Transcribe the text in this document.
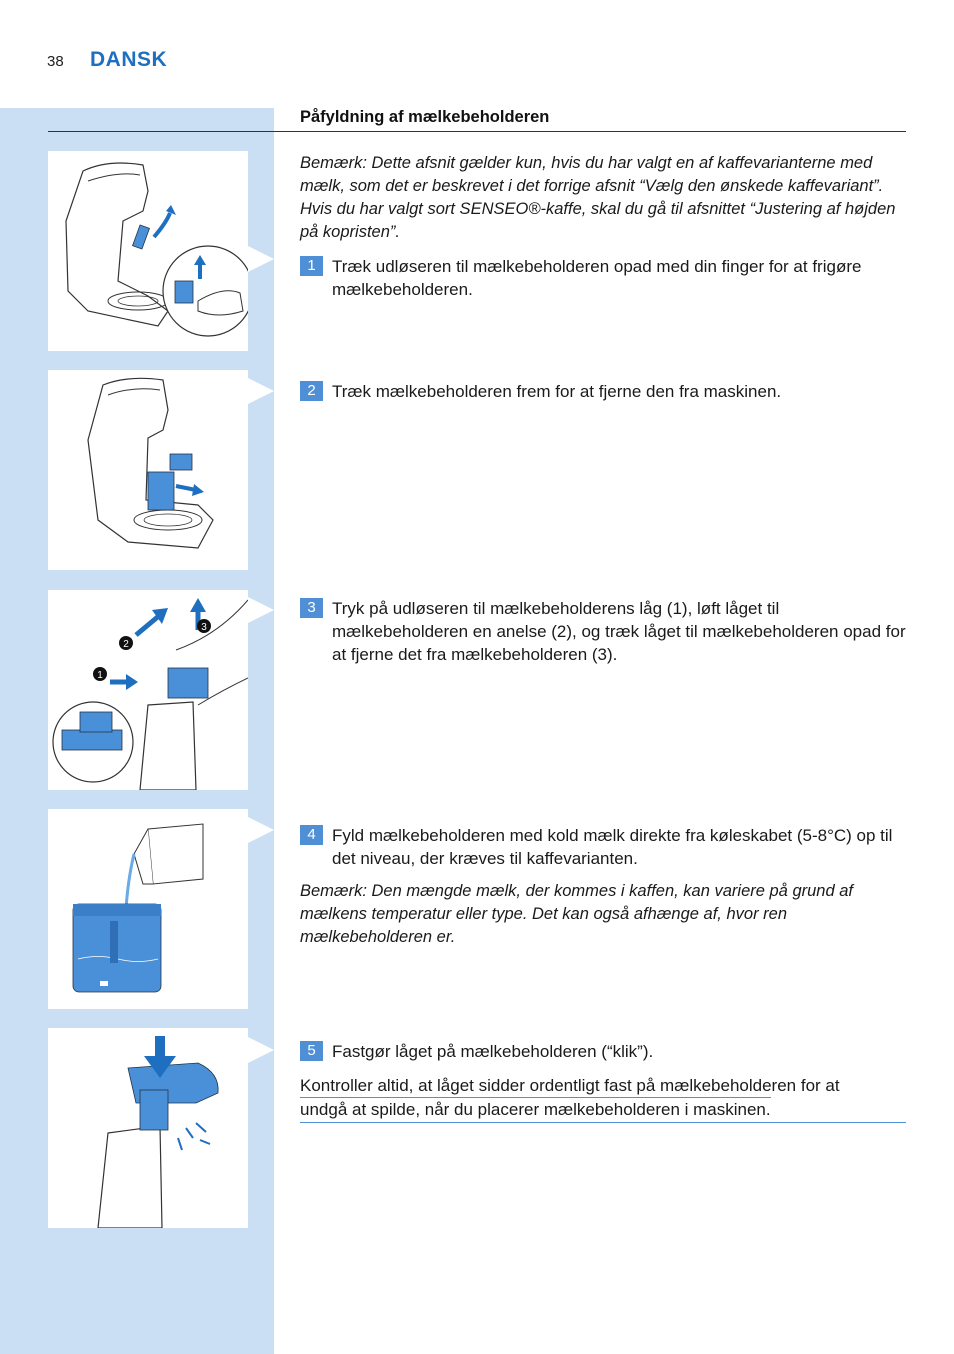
38 DANSK
Påfyldning af mælkebeholderen
2
3
1
Bemærk: Dette afsnit gælder kun, hvis du har valgt en af kaffevarianterne med mælk, som det er beskrevet i det forrige afsnit “Vælg den ønskede kaffevariant”. Hvis du har valgt sort SENSEO®-kaffe, skal du gå til afsnittet “Justering af højden på kopristen”.
1 Træk udløseren til mælkebeholderen opad med din finger for at frigøre mælkebeholderen.
2 Træk mælkebeholderen frem for at fjerne den fra maskinen.
3 Tryk på udløseren til mælkebeholderens låg (1), løft låget til mælkebeholderen en anelse (2), og træk låget til mælkebeholderen opad for at fjerne det fra mælkebeholderen (3).
4 Fyld mælkebeholderen med kold mælk direkte fra køleskabet (5-8°C) op til det niveau, der kræves til kaffevarianten.
Bemærk: Den mængde mælk, der kommes i kaffen, kan variere på grund af mælkens temperatur eller type. Det kan også afhænge af, hvor ren mælkebeholderen er.
5 Fastgør låget på mælkebeholderen (“klik”).
Kontroller altid, at låget sidder ordentligt fast på mælkebeholderen for at
undgå at spilde, når du placerer mælkebeholderen i maskinen.
